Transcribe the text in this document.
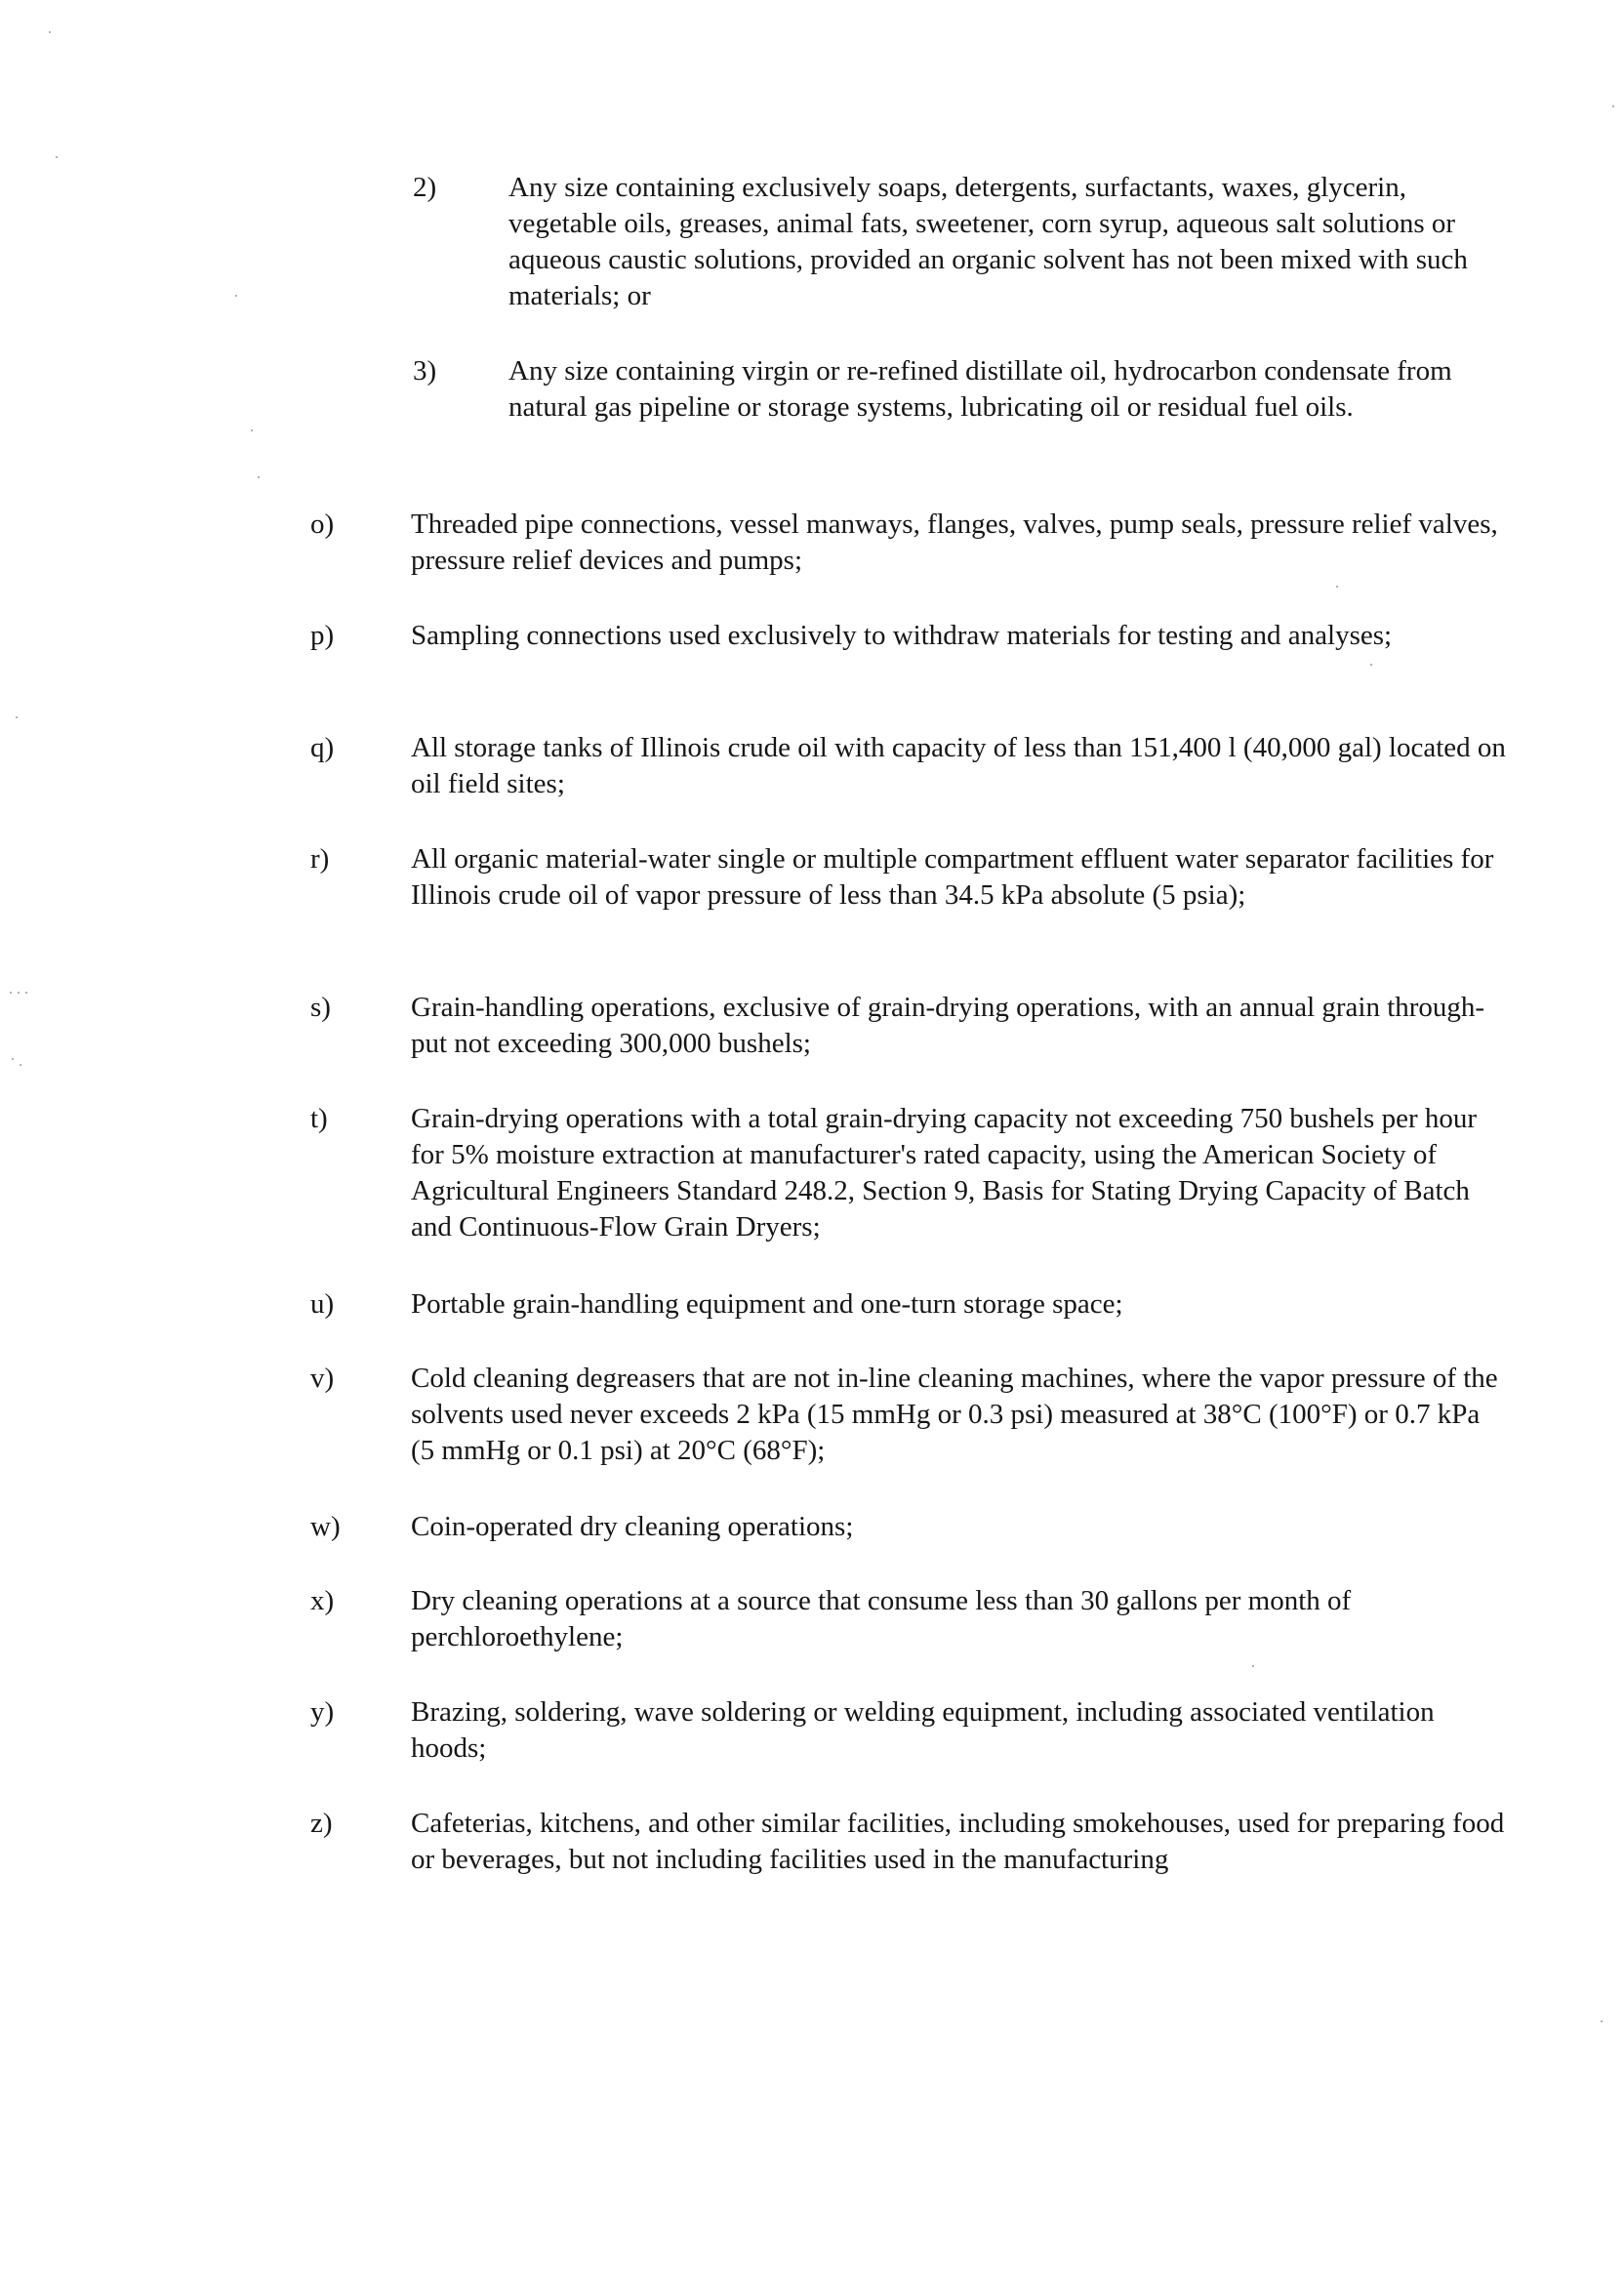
2)	Any size containing exclusively soaps, detergents, surfactants, waxes, glycerin, vegetable oils, greases, animal fats, sweetener, corn syrup, aqueous salt solutions or aqueous caustic solutions, provided an organic solvent has not been mixed with such materials; or
3)	Any size containing virgin or re-refined distillate oil, hydrocarbon condensate from natural gas pipeline or storage systems, lubricating oil or residual fuel oils.
o)	Threaded pipe connections, vessel manways, flanges, valves, pump seals, pressure relief valves, pressure relief devices and pumps;
p)	Sampling connections used exclusively to withdraw materials for testing and analyses;
q)	All storage tanks of Illinois crude oil with capacity of less than 151,400 l (40,000 gal) located on oil field sites;
r)	All organic material-water single or multiple compartment effluent water separator facilities for Illinois crude oil of vapor pressure of less than 34.5 kPa absolute (5 psia);
s)	Grain-handling operations, exclusive of grain-drying operations, with an annual grain through-put not exceeding 300,000 bushels;
t)	Grain-drying operations with a total grain-drying capacity not exceeding 750 bushels per hour for 5% moisture extraction at manufacturer's rated capacity, using the American Society of Agricultural Engineers Standard 248.2, Section 9, Basis for Stating Drying Capacity of Batch and Continuous-Flow Grain Dryers;
u)	Portable grain-handling equipment and one-turn storage space;
v)	Cold cleaning degreasers that are not in-line cleaning machines, where the vapor pressure of the solvents used never exceeds 2 kPa (15 mmHg or 0.3 psi) measured at 38°C (100°F) or 0.7 kPa (5 mmHg or 0.1 psi) at 20°C (68°F);
w) Coin-operated dry cleaning operations;
x)	Dry cleaning operations at a source that consume less than 30 gallons per month of perchloroethylene;
y)	Brazing, soldering, wave soldering or welding equipment, including associated ventilation hoods;
z)	Cafeterias, kitchens, and other similar facilities, including smokehouses, used for preparing food or beverages, but not including facilities used in the manufacturing
